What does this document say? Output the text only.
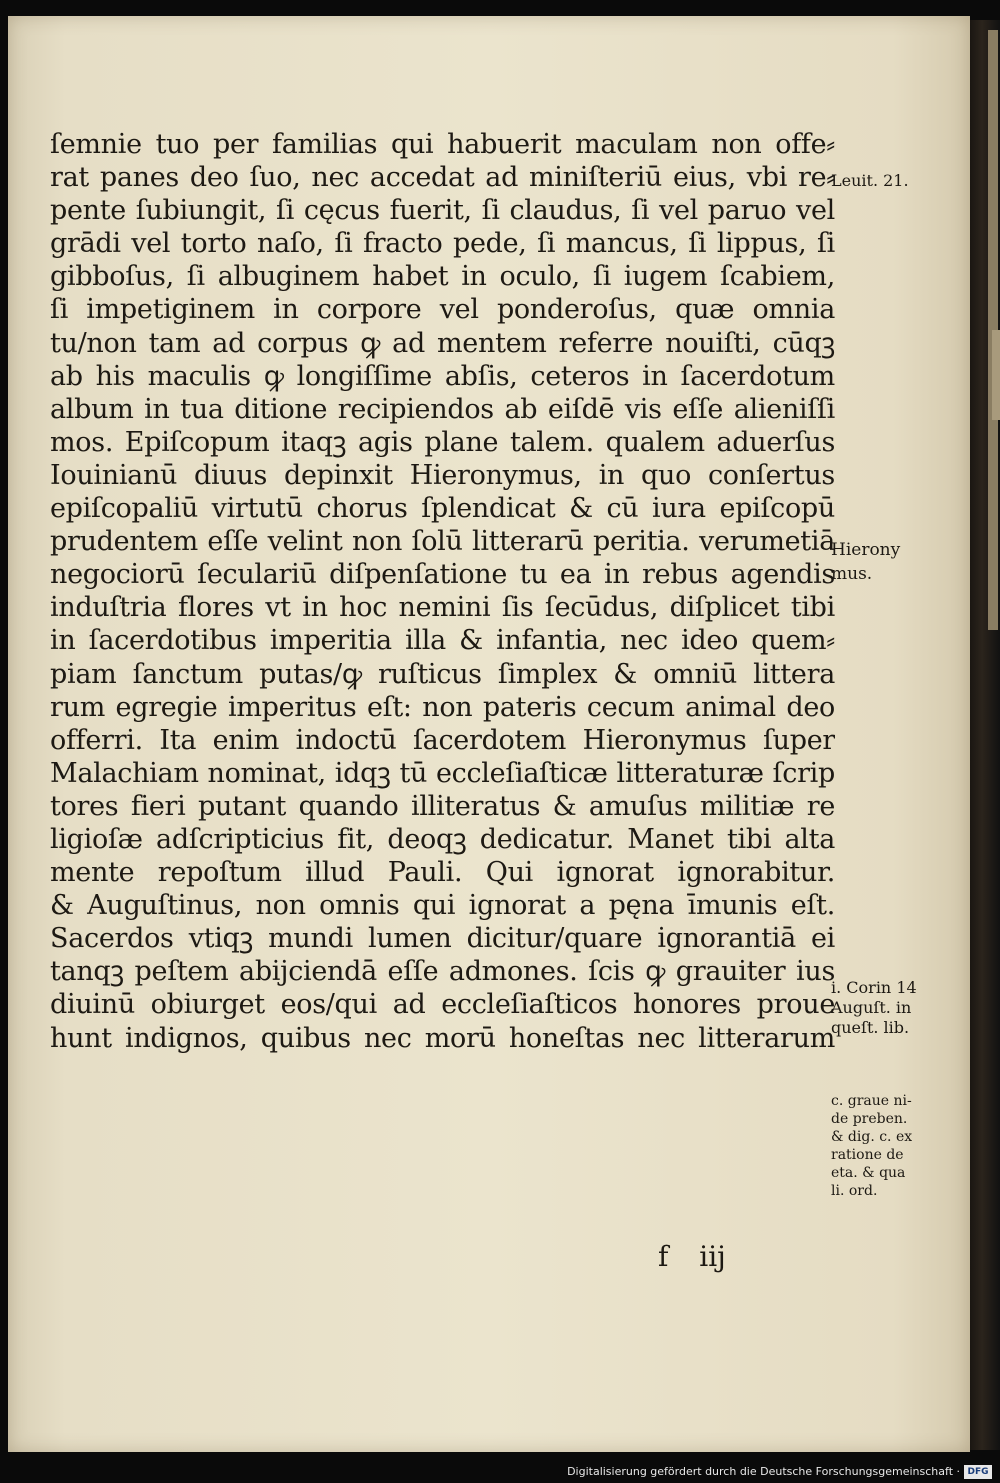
ſemnie tuo per familias qui habuerit maculam non offe⸗
rat panes deo ſuo, nec accedat ad miniſteriū eius, vbi re⸗
pente ſubiungit, ſi cęcus fuerit, ſi claudus, ſi vel paruo vel
grādi vel torto naſo, ſi fracto pede, ſi mancus, ſi lippus, ſi
gibboſus, ſi albuginem habet in oculo, ſi iugem ſcabiem,
ſi impetiginem in corpore vel ponderoſus, quæ omnia
tu/non tam ad corpus ꝙ ad mentem referre nouiſti, cūqꝫ
ab his maculis ꝙ longiſſime abſis, ceteros in ſacerdotum
album in tua ditione recipiendos ab eiſdē vis eſſe alieniſſi
mos. Epiſcopum itaqꝫ agis plane talem. qualem aduerſus
Iouinianū diuus depinxit Hieronymus, in quo conſertus
epiſcopaliū virtutū chorus ſplendicat & cū iura epiſcopū
prudentem eſſe velint non ſolū litterarū peritia. verumetiā
negociorū ſeculariū diſpenſatione tu ea in rebus agendis
induſtria flores vt in hoc nemini ſis ſecūdus, diſplicet tibi
in ſacerdotibus imperitia illa & infantia, nec ideo quem⸗
piam ſanctum putas/ꝙ ruſticus ſimplex & omniū littera
rum egregie imperitus eſt: non pateris cecum animal deo
offerri. Ita enim indoctū ſacerdotem Hieronymus ſuper
Malachiam nominat, idqꝫ tū eccleſiaſticæ litteraturæ ſcrip
tores fieri putant quando illiteratus & amuſus militiæ re
ligioſæ adſcripticius fit, deoqꝫ dedicatur. Manet tibi alta
mente repoſtum illud Pauli. Qui ignorat ignorabitur.
& Auguſtinus, non omnis qui ignorat a pęna īmunis eſt.
Sacerdos vtiqꝫ mundi lumen dicitur/quare ignorantiā ei
tanqꝫ peſtem abijciendā eſſe admones. ſcis ꝙ grauiter ius
diuinū obiurget eos/qui ad eccleſiaſticos honores proue
hunt indignos, quibus nec morū honeſtas nec litterarum
Leuit. 21.
Hierony
mus.
i. Corin 14
Auguſt. in
queſt. lib.
c. graue ni-
de preben.
& dig. c. ex
ratione de
eta. & qua
li. ord.
f iij
Digitalisierung gefördert durch die Deutsche Forschungsgemeinschaft · DFG
